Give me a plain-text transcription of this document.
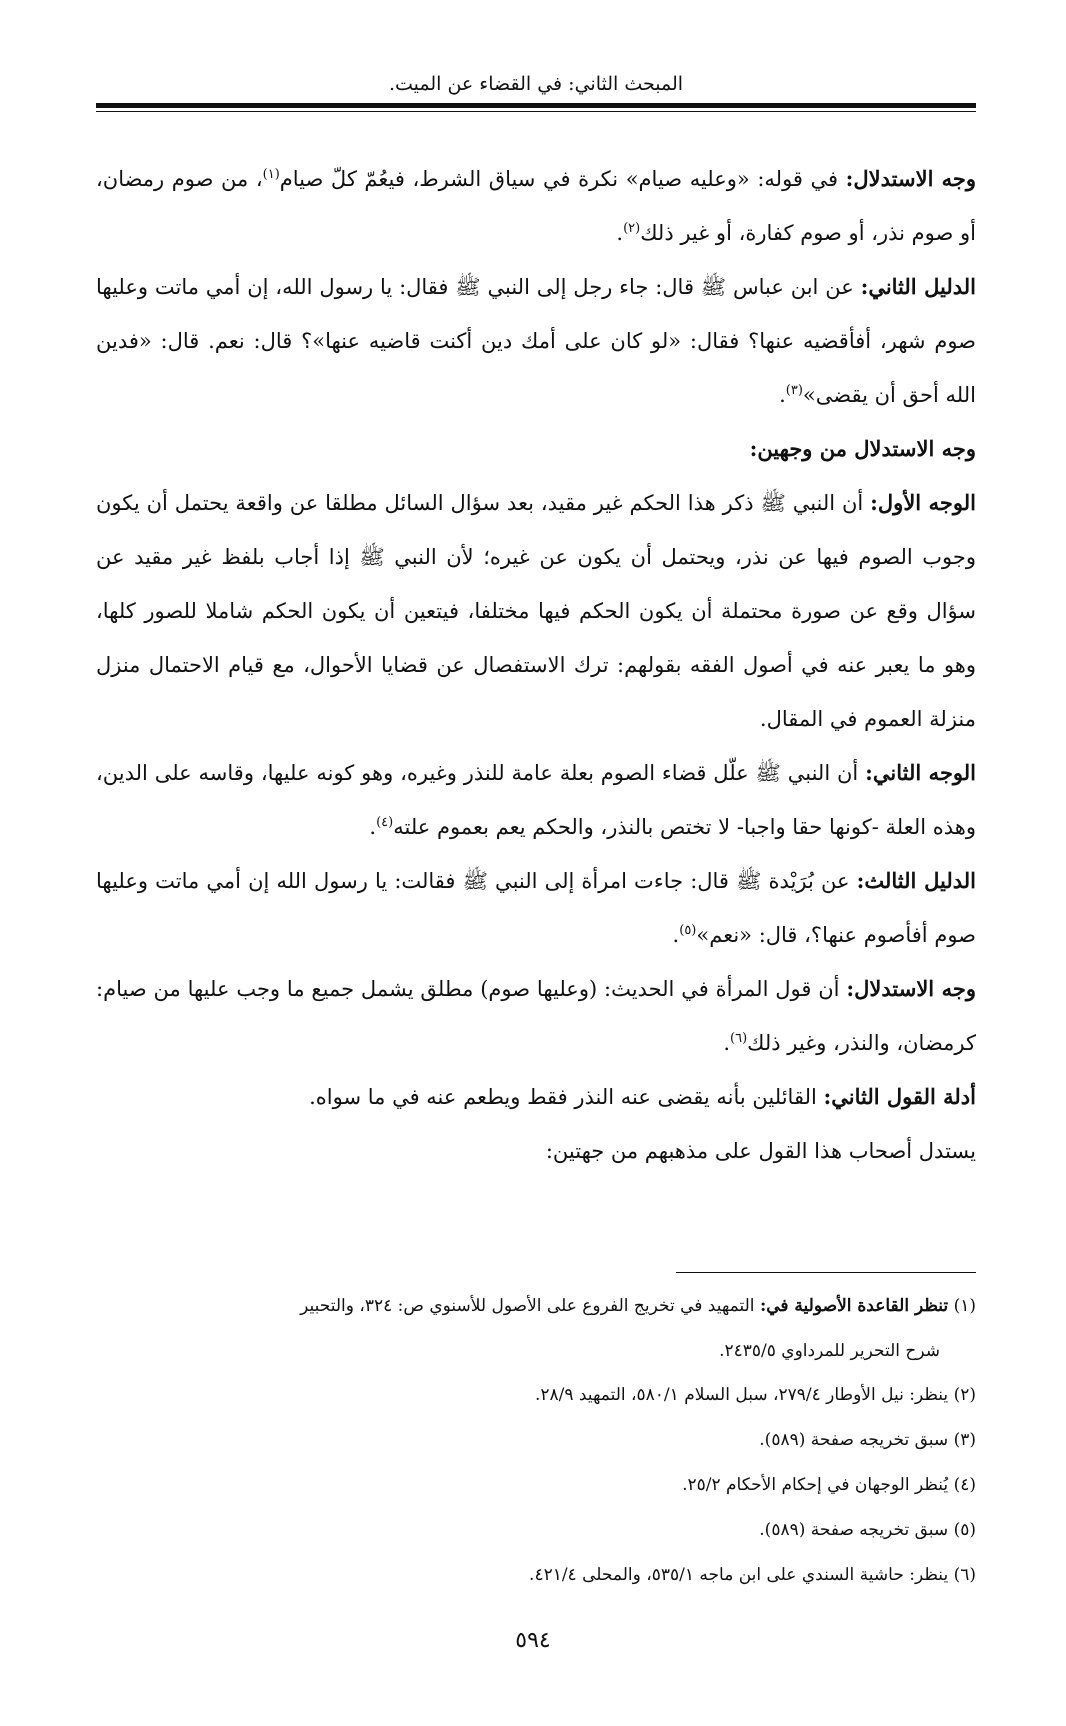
المبحث الثاني: في القضاء عن الميت.

وجه الاستدلال: في قوله: «وعليه صيام» نكرة في سياق الشرط، فيعُمّ كلّ صيام$^{(١)}$، من صوم رمضان، أو صوم نذر، أو صوم كفارة، أو غير ذلك$^{(٢)}$.

الدليل الثاني: عن ابن عباس ﷺ قال: جاء رجل إلى النبي ﷺ فقال: يا رسول الله، إن أمي ماتت وعليها صوم شهر، أفأقضيه عنها؟ فقال: «لو كان على أمك دين أكنت قاضيه عنها»؟ قال: نعم. قال: «فدين الله أحق أن يقضى»$^{(٣)}$.

وجه الاستدلال من وجهين:

الوجه الأول: أن النبي ﷺ ذكر هذا الحكم غير مقيد، بعد سؤال السائل مطلقا عن واقعة يحتمل أن يكون وجوب الصوم فيها عن نذر، ويحتمل أن يكون عن غيره؛ لأن النبي ﷺ إذا أجاب بلفظ غير مقيد عن سؤال وقع عن صورة محتملة أن يكون الحكم فيها مختلفا، فيتعين أن يكون الحكم شاملا للصور كلها، وهو ما يعبر عنه في أصول الفقه بقولهم: ترك الاستفصال عن قضايا الأحوال، مع قيام الاحتمال منزل منزلة العموم في المقال.

الوجه الثاني: أن النبي ﷺ علّل قضاء الصوم بعلة عامة للنذر وغيره، وهو كونه عليها، وقاسه على الدين، وهذه العلة -كونها حقا واجبا- لا تختص بالنذر، والحكم يعم بعموم علته$^{(٤)}$.

الدليل الثالث: عن بُرَيْدة ﷺ قال: جاءت امرأة إلى النبي ﷺ فقالت: يا رسول الله إن أمي ماتت وعليها صوم أفأصوم عنها؟، قال: «نعم»$^{(٥)}$.

وجه الاستدلال: أن قول المرأة في الحديث: (وعليها صوم) مطلق يشمل جميع ما وجب عليها من صيام: كرمضان، والنذر، وغير ذلك$^{(٦)}$.

أدلة القول الثاني: القائلين بأنه يقضى عنه النذر فقط ويطعم عنه في ما سواه.

يستدل أصحاب هذا القول على مذهبهم من جهتين:

(١) تنظر القاعدة الأصولية في: التمهيد في تخريج الفروع على الأصول للأسنوي ص: ٣٢٤، والتحبير
شرح التحرير للمرداوي ٢٤٣٥/٥.

(٢) ينظر: نيل الأوطار ٢٧٩/٤، سبل السلام ٥٨٠/١، التمهيد ٢٨/٩.

(٣) سبق تخريجه صفحة (٥٨٩).

(٤) يُنظر الوجهان في إحكام الأحكام ٢٥/٢.

(٥) سبق تخريجه صفحة (٥٨٩).

(٦) ينظر: حاشية السندي على ابن ماجه ٥٣٥/١، والمحلى ٤٢١/٤.

٥٩٤
